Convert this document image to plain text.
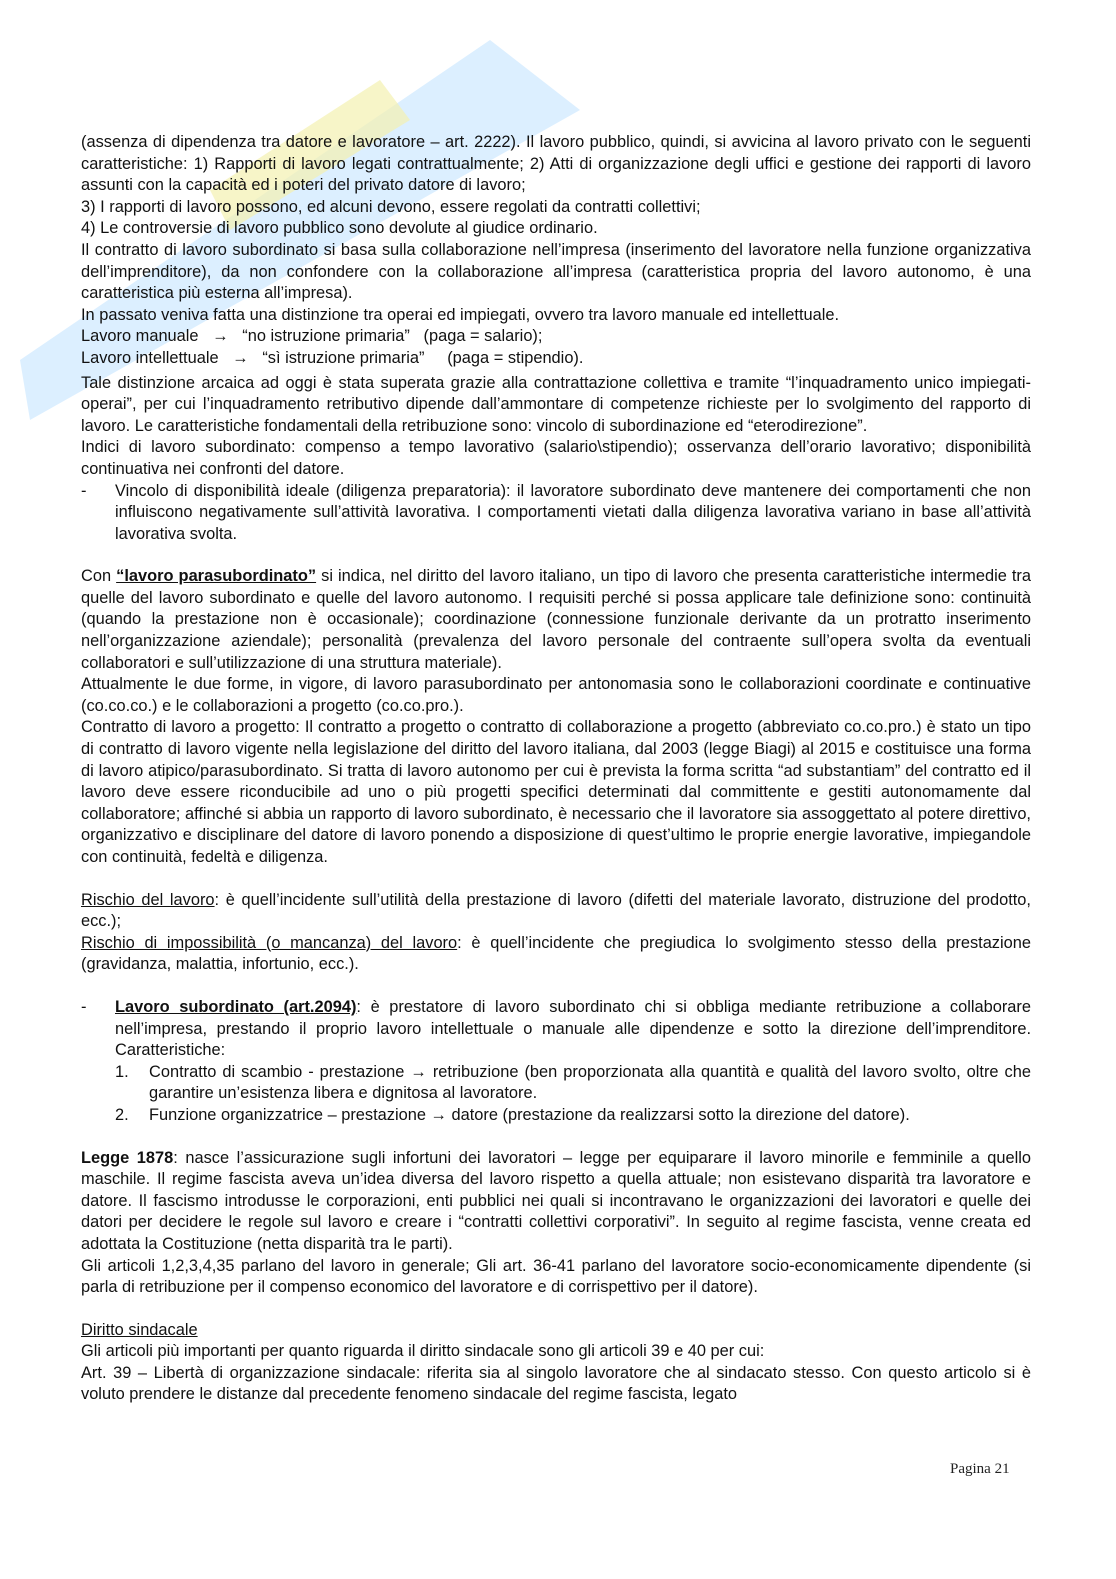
(assenza di dipendenza tra datore e lavoratore – art. 2222). Il lavoro pubblico, quindi, si avvicina al lavoro privato con le seguenti caratteristiche: 1) Rapporti di lavoro legati contrattualmente; 2) Atti di organizzazione degli uffici e gestione dei rapporti di lavoro assunti con la capacità ed i poteri del privato datore di lavoro;

3) I rapporti di lavoro possono, ed alcuni devono, essere regolati da contratti collettivi;

4) Le controversie di lavoro pubblico sono devolute al giudice ordinario.

Il contratto di lavoro subordinato si basa sulla collaborazione nell’impresa (inserimento del lavoratore nella funzione organizzativa dell’imprenditore), da non confondere con la collaborazione all’impresa (caratteristica propria del lavoro autonomo, è una caratteristica più esterna all’impresa).

In passato veniva fatta una distinzione tra operai ed impiegati, ovvero tra lavoro manuale ed intellettuale.

Lavoro manuale → “no istruzione primaria”   (paga = salario);

Lavoro intellettuale → “sì istruzione primaria”     (paga = stipendio).

Tale distinzione arcaica ad oggi è stata superata grazie alla contrattazione collettiva e tramite “l’inquadramento unico impiegati-operai”, per cui l’inquadramento retributivo dipende dall’ammontare di competenze richieste per lo svolgimento del rapporto di lavoro. Le caratteristiche fondamentali della retribuzione sono: vincolo di subordinazione ed “eterodirezione”.

Indici di lavoro subordinato: compenso a tempo lavorativo (salario\stipendio); osservanza dell’orario lavorativo; disponibilità continuativa nei confronti del datore.

- Vincolo di disponibilità ideale (diligenza preparatoria): il lavoratore subordinato deve mantenere dei comportamenti che non influiscono negativamente sull’attività lavorativa. I comportamenti vietati dalla diligenza lavorativa variano in base all’attività lavorativa svolta.

Con “lavoro parasubordinato” si indica, nel diritto del lavoro italiano, un tipo di lavoro che presenta caratteristiche intermedie tra quelle del lavoro subordinato e quelle del lavoro autonomo. I requisiti perché si possa applicare tale definizione sono: continuità (quando la prestazione non è occasionale); coordinazione (connessione funzionale derivante da un protratto inserimento nell’organizzazione aziendale); personalità (prevalenza del lavoro personale del contraente sull’opera svolta da eventuali collaboratori e sull’utilizzazione di una struttura materiale).

Attualmente le due forme, in vigore, di lavoro parasubordinato per antonomasia sono le collaborazioni coordinate e continuative (co.co.co.) e le collaborazioni a progetto (co.co.pro.).

Contratto di lavoro a progetto: Il contratto a progetto o contratto di collaborazione a progetto (abbreviato co.co.pro.) è stato un tipo di contratto di lavoro vigente nella legislazione del diritto del lavoro italiana, dal 2003 (legge Biagi) al 2015 e costituisce una forma di lavoro atipico/parasubordinato. Si tratta di lavoro autonomo per cui è prevista la forma scritta “ad substantiam” del contratto ed il lavoro deve essere riconducibile ad uno o più progetti specifici determinati dal committente e gestiti autonomamente dal collaboratore; affinché si abbia un rapporto di lavoro subordinato, è necessario che il lavoratore sia assoggettato al potere direttivo, organizzativo e disciplinare del datore di lavoro ponendo a disposizione di quest’ultimo le proprie energie lavorative, impiegandole con continuità, fedeltà e diligenza.

Rischio del lavoro: è quell’incidente sull’utilità della prestazione di lavoro (difetti del materiale lavorato, distruzione del prodotto, ecc.);

Rischio di impossibilità (o mancanza) del lavoro: è quell’incidente che pregiudica lo svolgimento stesso della prestazione (gravidanza, malattia, infortunio, ecc.).

- Lavoro subordinato (art.2094): è prestatore di lavoro subordinato chi si obbliga mediante retribuzione a collaborare nell’impresa, prestando il proprio lavoro intellettuale o manuale alle dipendenze e sotto la direzione dell’imprenditore. Caratteristiche:
1. Contratto di scambio - prestazione → retribuzione (ben proporzionata alla quantità e qualità del lavoro svolto, oltre che garantire un’esistenza libera e dignitosa al lavoratore.
2. Funzione organizzatrice – prestazione → datore (prestazione da realizzarsi sotto la direzione del datore).

Legge 1878: nasce l’assicurazione sugli infortuni dei lavoratori – legge per equiparare il lavoro minorile e femminile a quello maschile. Il regime fascista aveva un’idea diversa del lavoro rispetto a quella attuale; non esistevano disparità tra lavoratore e datore. Il fascismo introdusse le corporazioni, enti pubblici nei quali si incontravano le organizzazioni dei lavoratori e quelle dei datori per decidere le regole sul lavoro e creare i “contratti collettivi corporativi”. In seguito al regime fascista, venne creata ed adottata la Costituzione (netta disparità tra le parti).

Gli articoli 1,2,3,4,35 parlano del lavoro in generale; Gli art. 36-41 parlano del lavoratore socio-economicamente dipendente (si parla di retribuzione per il compenso economico del lavoratore e di corrispettivo per il datore).

Diritto sindacale

Gli articoli più importanti per quanto riguarda il diritto sindacale sono gli articoli 39 e 40 per cui:

Art. 39 – Libertà di organizzazione sindacale: riferita sia al singolo lavoratore che al sindacato stesso. Con questo articolo si è voluto prendere le distanze dal precedente fenomeno sindacale del regime fascista, legato

Pagina 21
